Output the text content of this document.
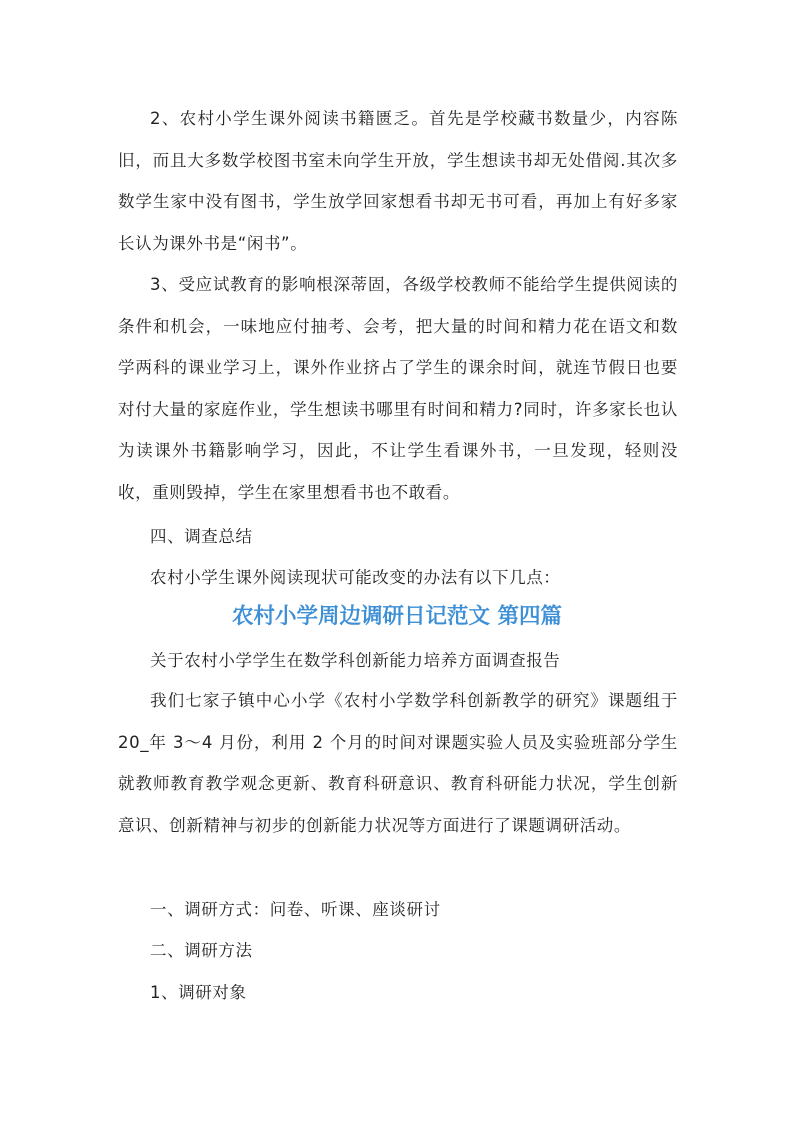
2、农村小学生课外阅读书籍匮乏。首先是学校藏书数量少，内容陈旧，而且大多数学校图书室未向学生开放，学生想读书却无处借阅.其次多数学生家中没有图书，学生放学回家想看书却无书可看，再加上有好多家长认为课外书是“闲书”。

3、受应试教育的影响根深蒂固，各级学校教师不能给学生提供阅读的条件和机会，一味地应付抽考、会考，把大量的时间和精力花在语文和数学两科的课业学习上，课外作业挤占了学生的课余时间，就连节假日也要对付大量的家庭作业，学生想读书哪里有时间和精力?同时，许多家长也认为读课外书籍影响学习，因此，不让学生看课外书，一旦发现，轻则没收，重则毁掉，学生在家里想看书也不敢看。

四、调查总结

农村小学生课外阅读现状可能改变的办法有以下几点：

农村小学周边调研日记范文 第四篇

关于农村小学学生在数学科创新能力培养方面调查报告

我们七家子镇中心小学《农村小学数学科创新教学的研究》课题组于 20_年 3～4 月份，利用 2 个月的时间对课题实验人员及实验班部分学生就教师教育教学观念更新、教育科研意识、教育科研能力状况，学生创新意识、创新精神与初步的创新能力状况等方面进行了课题调研活动。

一、调研方式：问卷、听课、座谈研讨

二、调研方法

1、调研对象
